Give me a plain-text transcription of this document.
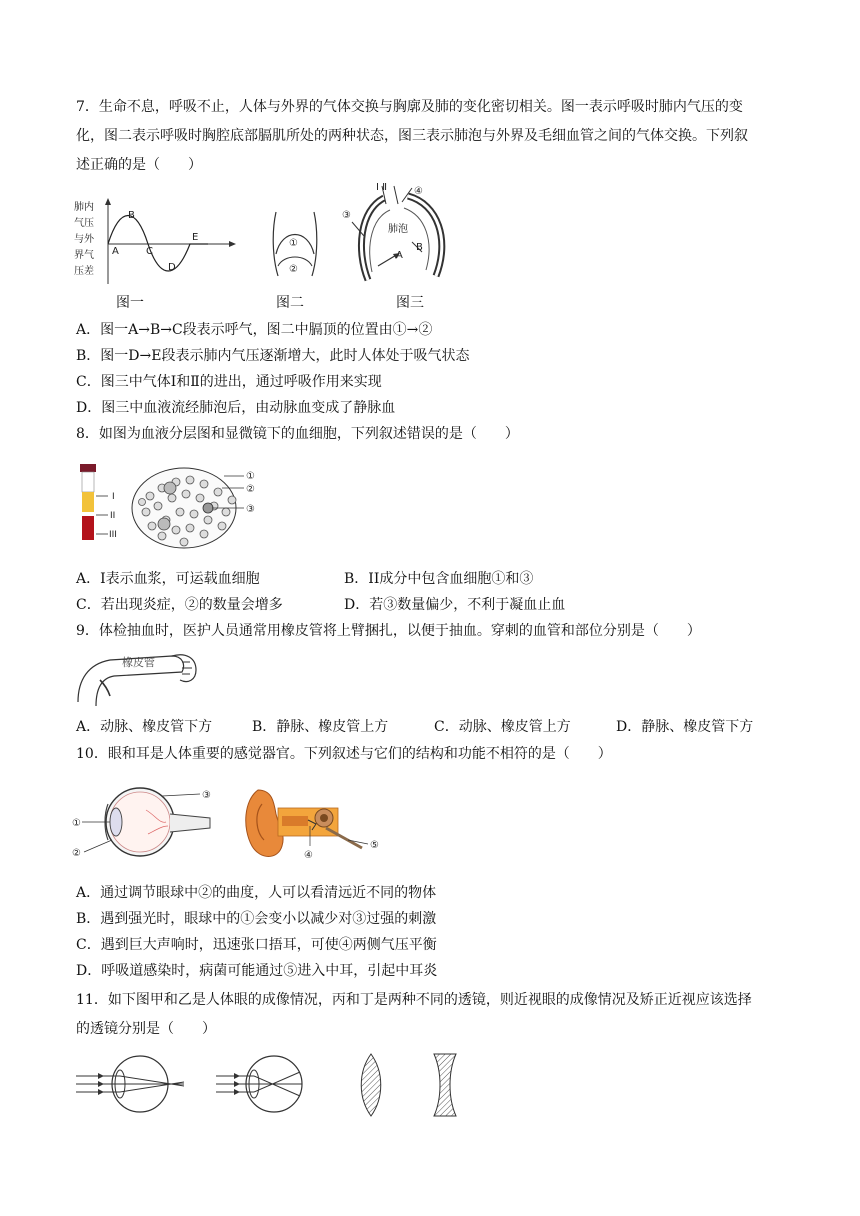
7．生命不息，呼吸不止，人体与外界的气体交换与胸廓及肺的变化密切相关。图一表示呼吸时肺内气压的变
化，图二表示呼吸时胸腔底部膈肌所处的两种状态，图三表示肺泡与外界及毛细血管之间的气体交换。下列叙
述正确的是（　　）
肺内
气压
与外
界气
压差
A
B
C
D
E
图一
①
②
图二
Ⅰ Ⅱ	④
③
肺泡
B
A
图三
A．图一A→B→C段表示呼气，图二中膈顶的位置由①→②
B．图一D→E段表示肺内气压逐渐增大，此时人体处于吸气状态
C．图三中气体Ⅰ和Ⅱ的进出，通过呼吸作用来实现
D．图三中血液流经肺泡后，由动脉血变成了静脉血
8．如图为血液分层图和显微镜下的血细胞，下列叙述错误的是（　　）
I
II
III
①
②
③
A．I表示血浆，可运载血细胞	B．II成分中包含血细胞①和③
C．若出现炎症，②的数量会增多	D．若③数量偏少，不利于凝血止血
9．体检抽血时，医护人员通常用橡皮管将上臂捆扎，以便于抽血。穿刺的血管和部位分别是（　　）
橡皮管
A．动脉、橡皮管下方	B．静脉、橡皮管上方	C．动脉、橡皮管上方	D．静脉、橡皮管下方
10．眼和耳是人体重要的感觉器官。下列叙述与它们的结构和功能不相符的是（　　）
①
②
③
④
⑤
A．通过调节眼球中②的曲度，人可以看清远近不同的物体
B．遇到强光时，眼球中的①会变小以减少对③过强的刺激
C．遇到巨大声响时，迅速张口捂耳，可使④两侧气压平衡
D．呼吸道感染时，病菌可能通过⑤进入中耳，引起中耳炎
11．如下图甲和乙是人体眼的成像情况，丙和丁是两种不同的透镜，则近视眼的成像情况及矫正近视应该选择
的透镜分别是（　　）
